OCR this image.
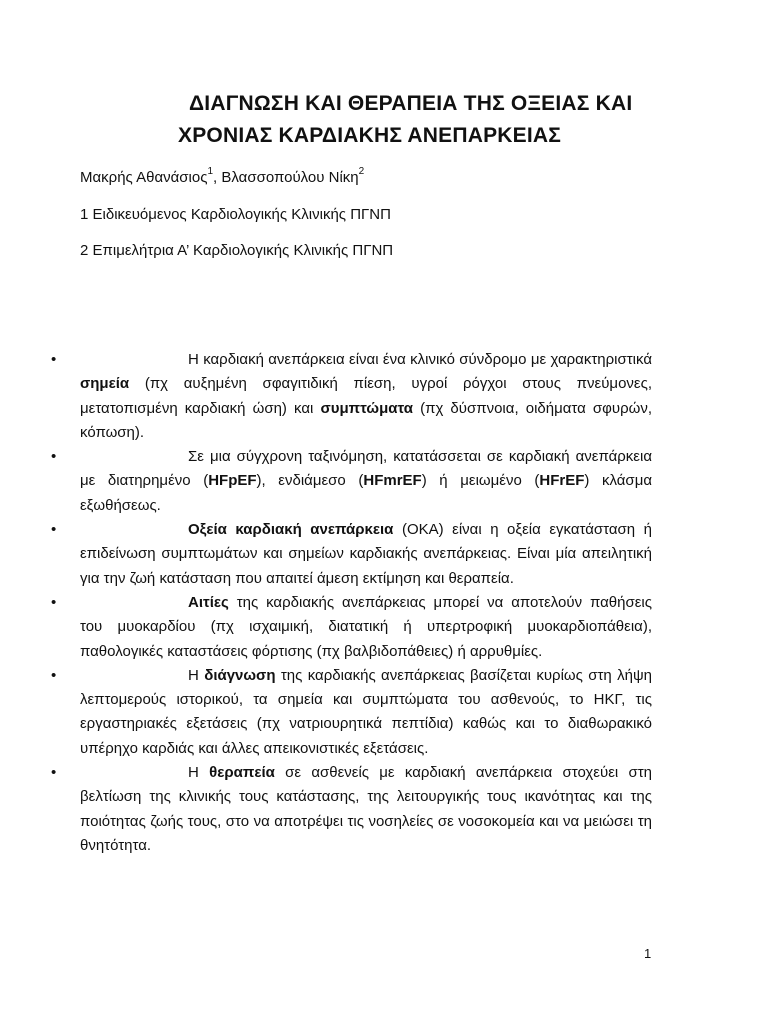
ΔΙΑΓΝΩΣΗ ΚΑΙ ΘΕΡΑΠΕΙΑ ΤΗΣ ΟΞΕΙΑΣ ΚΑΙ
ΧΡΟΝΙΑΣ ΚΑΡΔΙΑΚΗΣ ΑΝΕΠΑΡΚΕΙΑΣ
Μακρής Αθανάσιος$^1$, Βλασσοπούλου Νίκη$^2$
1 Ειδικευόμενος Καρδιολογικής Κλινικής ΠΓΝΠ
2 Επιμελήτρια Α’ Καρδιολογικής Κλινικής ΠΓΝΠ
•	Η καρδιακή ανεπάρκεια είναι ένα κλινικό σύνδρομο με χαρακτηριστικά σημεία (πχ αυξημένη σφαγιτιδική πίεση, υγροί ρόγχοι στους πνεύμονες, μετατοπισμένη καρδιακή ώση) και συμπτώματα (πχ δύσπνοια, οιδήματα σφυρών, κόπωση).
•	Σε μια σύγχρονη ταξινόμηση, κατατάσσεται σε καρδιακή ανεπάρκεια με διατηρημένο (HFpEF), ενδιάμεσο (HFmrEF) ή μειωμένο (HFrEF) κλάσμα εξωθήσεως.
•	Οξεία καρδιακή ανεπάρκεια (ΟΚΑ) είναι η οξεία εγκατάσταση ή επιδείνωση συμπτωμάτων και σημείων καρδιακής ανεπάρκειας. Είναι μία απειλητική για την ζωή κατάσταση που απαιτεί άμεση εκτίμηση και θεραπεία.
•	Αιτίες της καρδιακής ανεπάρκειας μπορεί να αποτελούν παθήσεις του μυοκαρδίου (πχ ισχαιμική, διατατική ή υπερτροφική μυοκαρδιοπάθεια), παθολογικές καταστάσεις φόρτισης (πχ βαλβιδοπάθειες) ή αρρυθμίες.
•	Η διάγνωση της καρδιακής ανεπάρκειας βασίζεται κυρίως στη λήψη λεπτομερούς ιστορικού, τα σημεία και συμπτώματα του ασθενούς, το ΗΚΓ, τις εργαστηριακές εξετάσεις (πχ νατριουρητικά πεπτίδια) καθώς και το διαθωρακικό υπέρηχο καρδιάς και άλλες απεικονιστικές εξετάσεις.
•	Η θεραπεία σε ασθενείς με καρδιακή ανεπάρκεια στοχεύει στη βελτίωση της κλινικής τους κατάστασης, της λειτουργικής τους ικανότητας και της ποιότητας ζωής τους, στο να αποτρέψει τις νοσηλείες σε νοσοκομεία και να μειώσει τη θνητότητα.
1
